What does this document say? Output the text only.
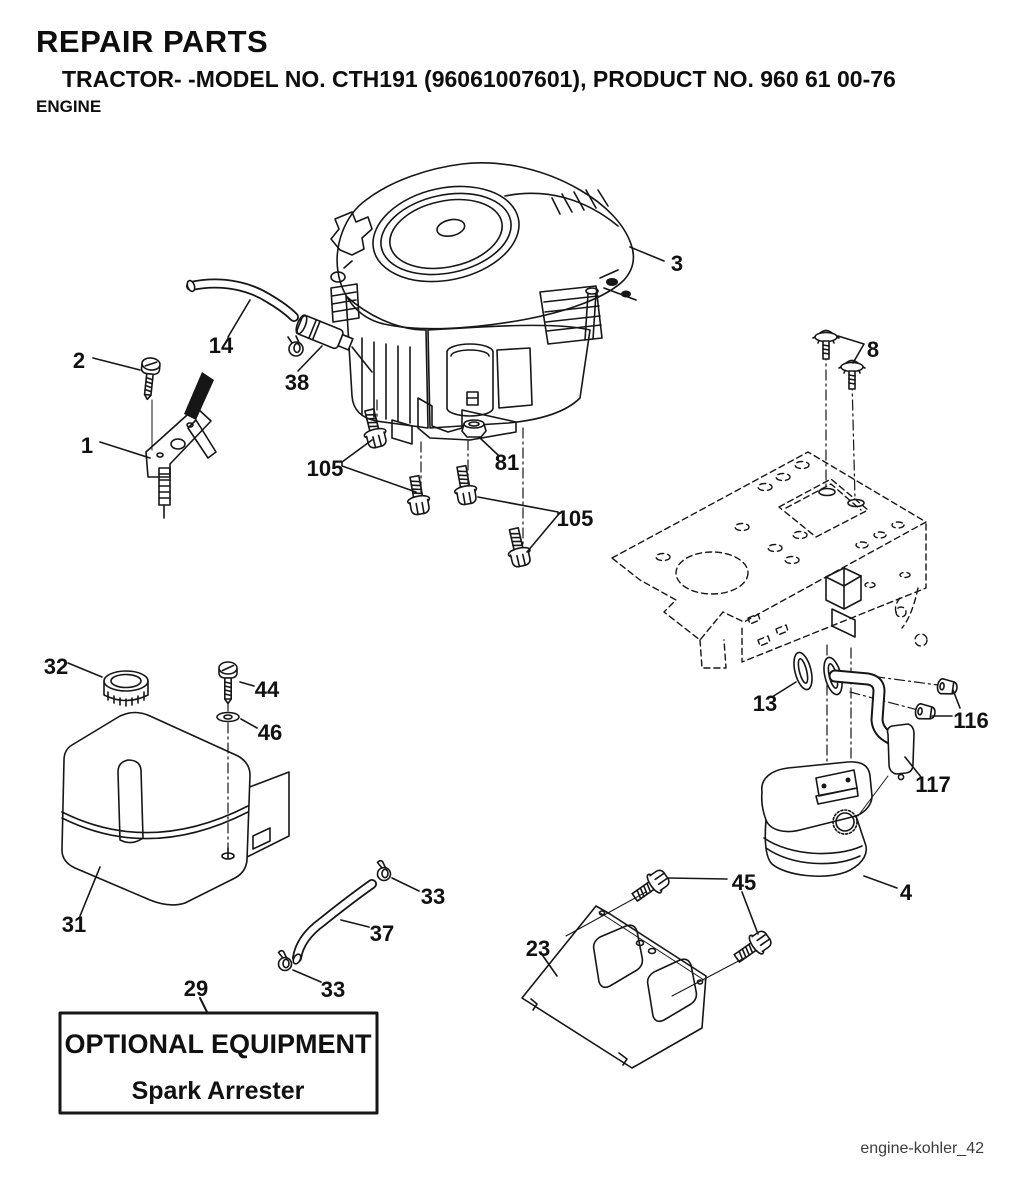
REPAIR PARTS
TRACTOR- -MODEL NO. CTH191 (96061007601), PRODUCT NO. 960 61 00-76
ENGINE
OPTIONAL EQUIPMENT
Spark Arrester
3
14
2
38
1
105	81
105
8
32
44
46
13
116
117
31
33
37
33
29
23
45	4
engine-kohler_42
